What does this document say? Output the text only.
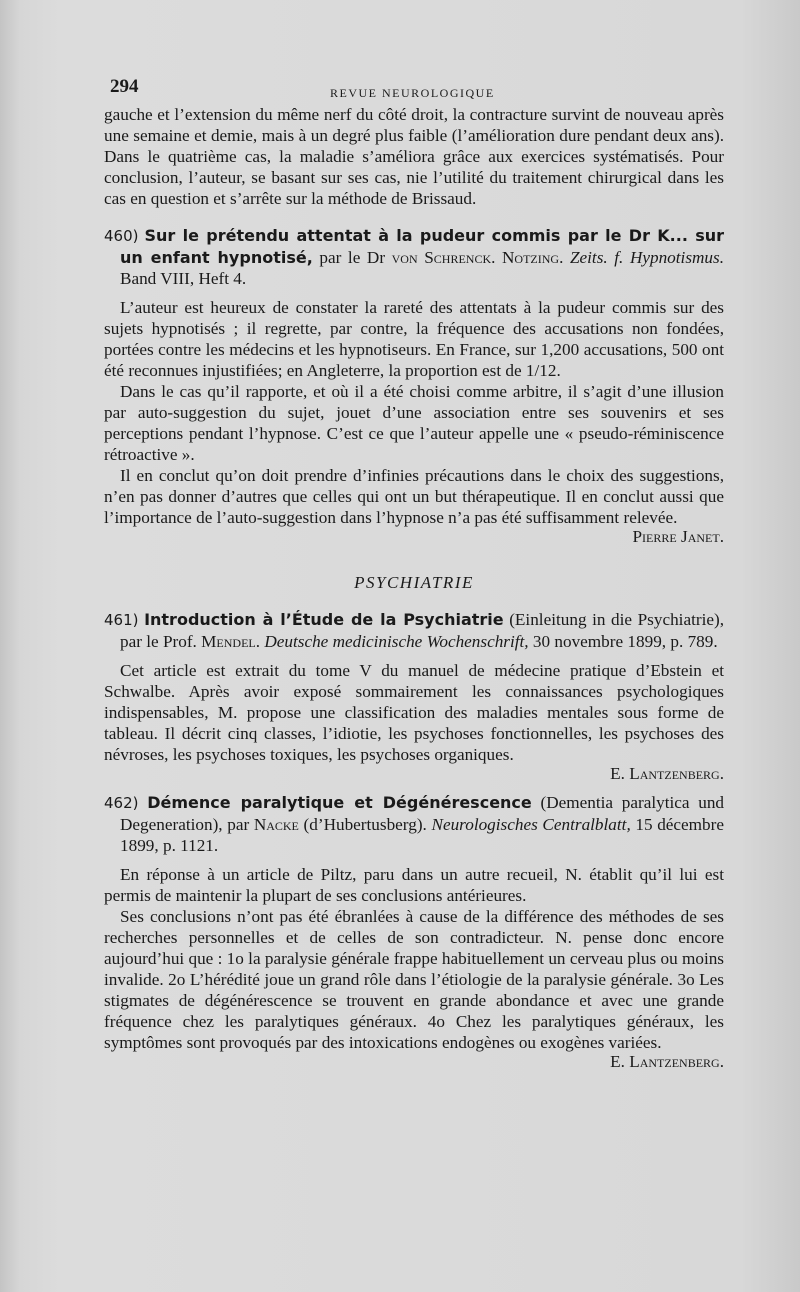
294	REVUE NEUROLOGIQUE

gauche et l’extension du même nerf du côté droit, la contracture survint de nouveau après une semaine et demie, mais à un degré plus faible (l’amélioration dure pendant deux ans). Dans le quatrième cas, la maladie s’améliora grâce aux exercices systématisés. Pour conclusion, l’auteur, se basant sur ses cas, nie l’utilité du traitement chirurgical dans les cas en question et s’arrête sur la méthode de Brissaud.

460) Sur le prétendu attentat à la pudeur commis par le Dr K... sur un enfant hypnotisé, par le Dr von Schrenck. Notzing. Zeits. f. Hypnotismus. Band VIII, Heft 4.

L’auteur est heureux de constater la rareté des attentats à la pudeur commis sur des sujets hypnotisés ; il regrette, par contre, la fréquence des accusations non fondées, portées contre les médecins et les hypnotiseurs. En France, sur 1,200 accusations, 500 ont été reconnues injustifiées; en Angleterre, la proportion est de 1/12.

Dans le cas qu’il rapporte, et où il a été choisi comme arbitre, il s’agit d’une illusion par auto-suggestion du sujet, jouet d’une association entre ses souvenirs et ses perceptions pendant l’hypnose. C’est ce que l’auteur appelle une « pseudo-réminiscence rétroactive ».

Il en conclut qu’on doit prendre d’infinies précautions dans le choix des suggestions, n’en pas donner d’autres que celles qui ont un but thérapeutique. Il en conclut aussi que l’importance de l’auto-suggestion dans l’hypnose n’a pas été suffisamment relevée.

Pierre Janet.

PSYCHIATRIE

461) Introduction à l’Étude de la Psychiatrie (Einleitung in die Psychiatrie), par le Prof. Mendel. Deutsche medicinische Wochenschrift, 30 novembre 1899, p. 789.

Cet article est extrait du tome V du manuel de médecine pratique d’Ebstein et Schwalbe. Après avoir exposé sommairement les connaissances psychologiques indispensables, M. propose une classification des maladies mentales sous forme de tableau. Il décrit cinq classes, l’idiotie, les psychoses fonctionnelles, les psychoses des névroses, les psychoses toxiques, les psychoses organiques.

E. Lantzenberg.

462) Démence paralytique et Dégénérescence (Dementia paralytica und Degeneration), par Nacke (d’Hubertusberg). Neurologisches Centralblatt, 15 décembre 1899, p. 1121.

En réponse à un article de Piltz, paru dans un autre recueil, N. établit qu’il lui est permis de maintenir la plupart de ses conclusions antérieures.

Ses conclusions n’ont pas été ébranlées à cause de la différence des méthodes de ses recherches personnelles et de celles de son contradicteur. N. pense donc encore aujourd’hui que : 1o la paralysie générale frappe habituellement un cerveau plus ou moins invalide. 2o L’hérédité joue un grand rôle dans l’étiologie de la paralysie générale. 3o Les stigmates de dégénérescence se trouvent en grande abondance et avec une grande fréquence chez les paralytiques généraux. 4o Chez les paralytiques généraux, les symptômes sont provoqués par des intoxications endogènes ou exogènes variées.

E. Lantzenberg.
